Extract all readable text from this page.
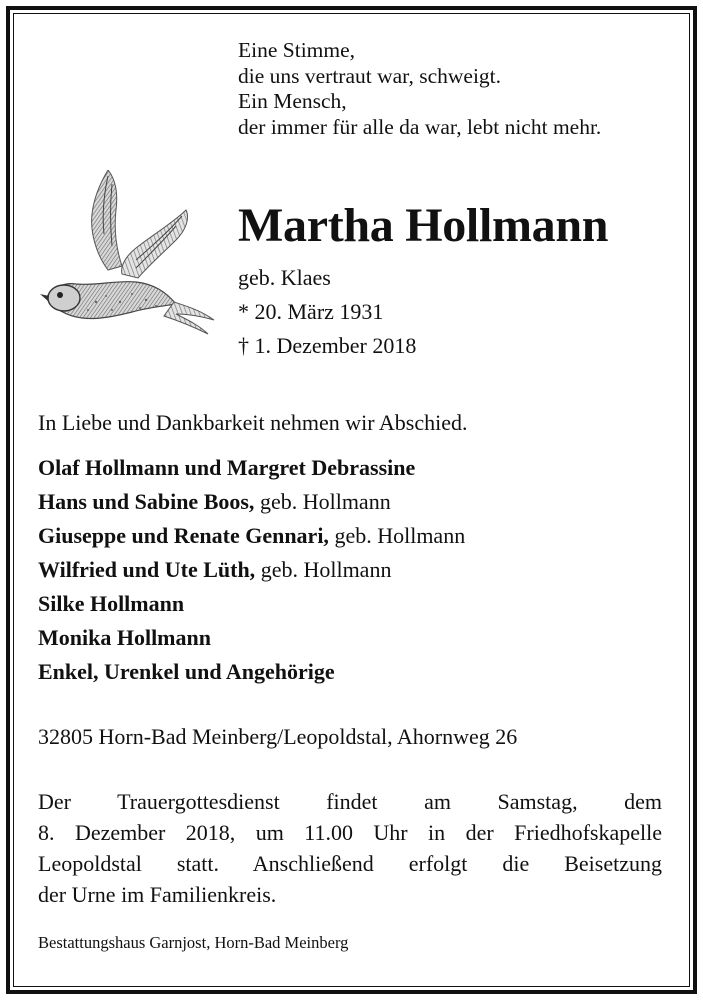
Eine Stimme,
die uns vertraut war, schweigt.
Ein Mensch,
der immer für alle da war, lebt nicht mehr.
Martha Hollmann
geb. Klaes
* 20. März 1931
† 1. Dezember 2018
In Liebe und Dankbarkeit nehmen wir Abschied.
Olaf Hollmann und Margret Debrassine
Hans und Sabine Boos, geb. Hollmann
Giuseppe und Renate Gennari, geb. Hollmann
Wilfried und Ute Lüth, geb. Hollmann
Silke Hollmann
Monika Hollmann
Enkel, Urenkel und Angehörige
32805 Horn-Bad Meinberg/Leopoldstal, Ahornweg 26
Der Trauergottesdienst findet am Samstag, dem
8. Dezember 2018, um 11.00 Uhr in der Friedhofskapelle
Leopoldstal statt. Anschließend erfolgt die Beisetzung
der Urne im Familienkreis.
Bestattungshaus Garnjost, Horn-Bad Meinberg
